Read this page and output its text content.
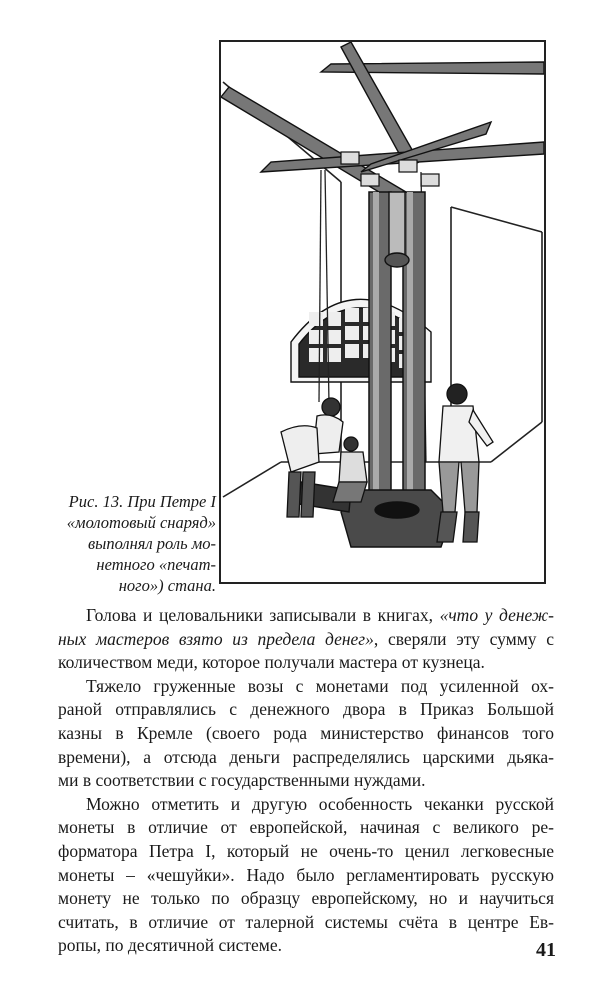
Рис. 13. При Петре I
«молотовый снаряд»
выполнял роль мо-
нетного «печат-
ного») стана.
Голова и целовальники записывали в книгах, «что у денеж-
ных мастеров взято из предела денег», сверяли эту сумму с
количеством меди, которое получали мастера от кузнеца.
Тяжело груженные возы с монетами под усиленной ох-
раной отправлялись с денежного двора в Приказ Большой
казны в Кремле (своего рода министерство финансов того
времени), а отсюда деньги распределялись царскими дьяка-
ми в соответствии с государственными нуждами.
Можно отметить и другую особенность чеканки русской
монеты в отличие от европейской, начиная с великого ре-
форматора Петра I, который не очень-то ценил легковесные
монеты – «чешуйки». Надо было регламентировать русскую
монету не только по образцу европейскому, но и научиться
считать, в отличие от талерной системы счёта в центре Ев-
ропы, по десятичной системе.	41
